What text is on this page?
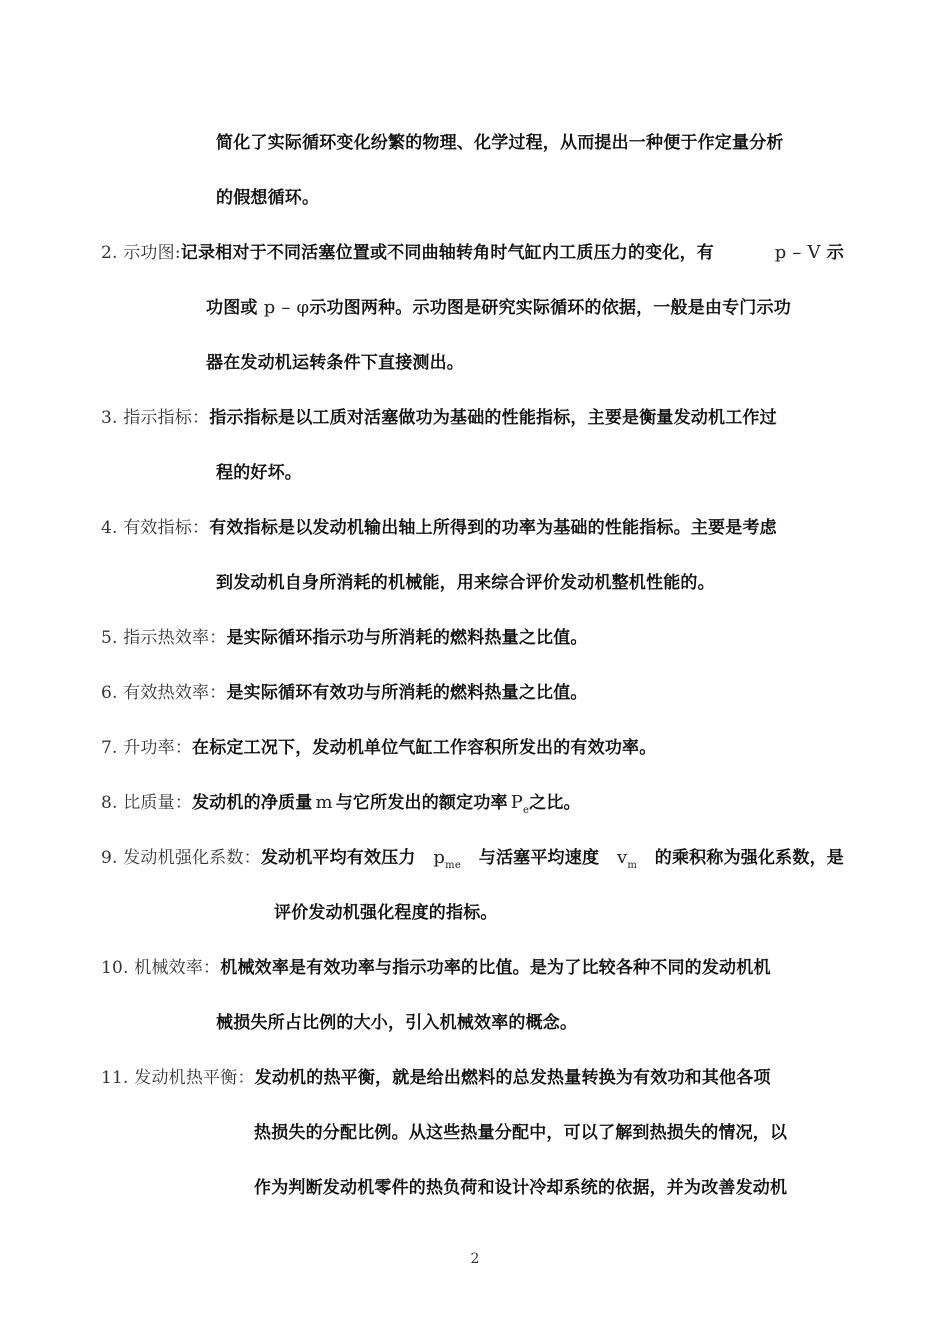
简化了实际循环变化纷繁的物理、化学过程，从而提出一种便于作定量分析
的假想循环。
2. 示功图:记录相对于不同活塞位置或不同曲轴转角时气缸内工质压力的变化，有	p – V 示
功图或 p – φ示功图两种。示功图是研究实际循环的依据，一般是由专门示功
器在发动机运转条件下直接测出。
3. 指示指标：指示指标是以工质对活塞做功为基础的性能指标，主要是衡量发动机工作过
程的好坏。
4. 有效指标：有效指标是以发动机输出轴上所得到的功率为基础的性能指标。主要是考虑
到发动机自身所消耗的机械能，用来综合评价发动机整机性能的。
5. 指示热效率： 是实际循环指示功与所消耗的燃料热量之比值。
6. 有效热效率： 是实际循环有效功与所消耗的燃料热量之比值。
7. 升功率： 在标定工况下，发动机单位气缸工作容积所发出的有效功率。
8. 比质量： 发动机的净质量 m 与它所发出的额定功率 P e 之比。
9. 发动机强化系数：发动机平均有效压力 $p_{me}$ 与活塞平均速度 $v_m$ 的乘积称为强化系数，是
评价发动机强化程度的指标。
10. 机械效率：机械效率是有效功率与指示功率的比值。是为了比较各种不同的发动机机
械损失所占比例的大小，引入机械效率的概念。
11. 发动机热平衡：发动机的热平衡，就是给出燃料的总发热量转换为有效功和其他各项
热损失的分配比例。从这些热量分配中，可以了解到热损失的情况，以
作为判断发动机零件的热负荷和设计冷却系统的依据，并为改善发动机
2
